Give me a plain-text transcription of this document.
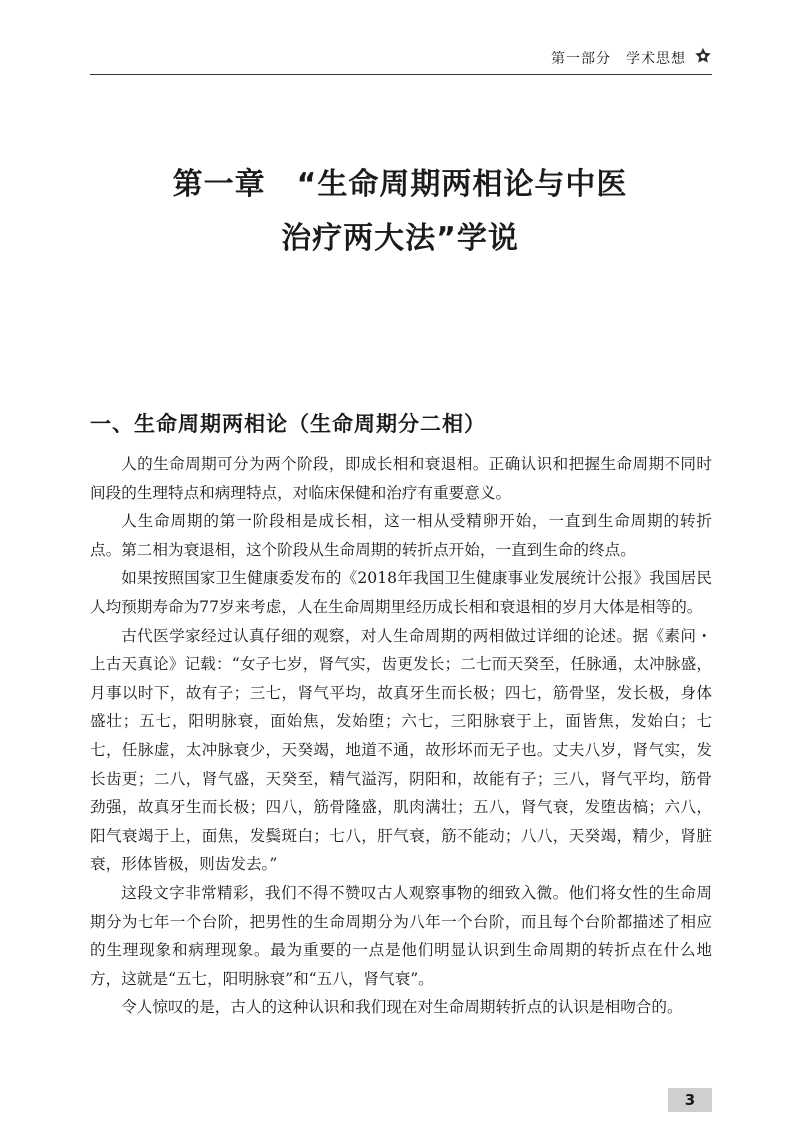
第一部分　学术思想
第一章　“生命周期两相论与中医
治疗两大法”学说
一、生命周期两相论（生命周期分二相）

人的生命周期可分为两个阶段，即成长相和衰退相。正确认识和把握生命周期不同时间段的生理特点和病理特点，对临床保健和治疗有重要意义。

人生命周期的第一阶段相是成长相，这一相从受精卵开始，一直到生命周期的转折点。第二相为衰退相，这个阶段从生命周期的转折点开始，一直到生命的终点。

如果按照国家卫生健康委发布的《2018年我国卫生健康事业发展统计公报》我国居民人均预期寿命为77岁来考虑，人在生命周期里经历成长相和衰退相的岁月大体是相等的。

古代医学家经过认真仔细的观察，对人生命周期的两相做过详细的论述。据《素问・上古天真论》记载：“女子七岁，肾气实，齿更发长；二七而天癸至，任脉通，太冲脉盛，月事以时下，故有子；三七，肾气平均，故真牙生而长极；四七，筋骨坚，发长极，身体盛壮；五七，阳明脉衰，面始焦，发始堕；六七，三阳脉衰于上，面皆焦，发始白；七七，任脉虚，太冲脉衰少，天癸竭，地道不通，故形坏而无子也。丈夫八岁，肾气实，发长齿更；二八，肾气盛，天癸至，精气溢泻，阴阳和，故能有子；三八，肾气平均，筋骨劲强，故真牙生而长极；四八，筋骨隆盛，肌肉满壮；五八，肾气衰，发堕齿槁；六八，阳气衰竭于上，面焦，发鬓斑白；七八，肝气衰，筋不能动；八八，天癸竭，精少，肾脏衰，形体皆极，则齿发去。”

这段文字非常精彩，我们不得不赞叹古人观察事物的细致入微。他们将女性的生命周期分为七年一个台阶，把男性的生命周期分为八年一个台阶，而且每个台阶都描述了相应的生理现象和病理现象。最为重要的一点是他们明显认识到生命周期的转折点在什么地方，这就是“五七，阳明脉衰”和“五八，肾气衰”。

令人惊叹的是，古人的这种认识和我们现在对生命周期转折点的认识是相吻合的。

3
